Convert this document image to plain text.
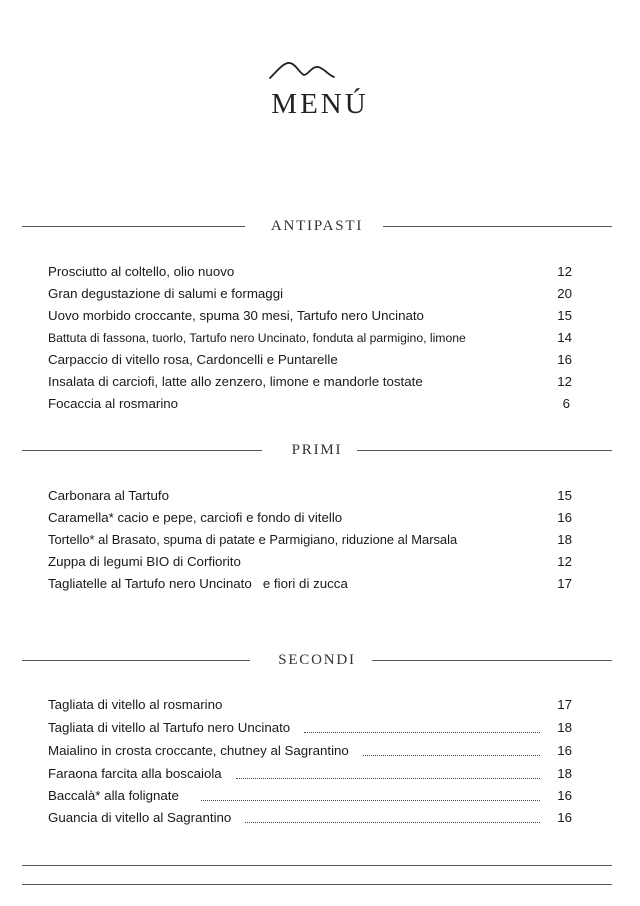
MENÚ
ANTIPASTI
Prosciutto al coltello, olio nuovo	12
Gran degustazione di salumi e formaggi	20
Uovo morbido croccante, spuma 30 mesi, Tartufo nero Uncinato	15
Battuta di fassona, tuorlo, Tartufo nero Uncinato, fonduta al parmigino, limone	14
Carpaccio di vitello rosa, Cardoncelli e Puntarelle	16
Insalata di carciofi, latte allo zenzero, limone e mandorle tostate	12
Focaccia al rosmarino	6
PRIMI
Carbonara al Tartufo	15
Caramella* cacio e pepe, carciofi e fondo di vitello	16
Tortello* al Brasato, spuma di patate e Parmigiano, riduzione al Marsala	18
Zuppa di legumi BIO di Corfiorito	12
Tagliatelle al Tartufo nero Uncinato   e fiori di zucca	17
SECONDI
Tagliata di vitello al rosmarino	17
Tagliata di vitello al Tartufo nero Uncinato	18
Maialino in crosta croccante, chutney al Sagrantino	16
Faraona farcita alla boscaiola	18
Baccalà* alla folignate	16
Guancia di vitello al Sagrantino	16
